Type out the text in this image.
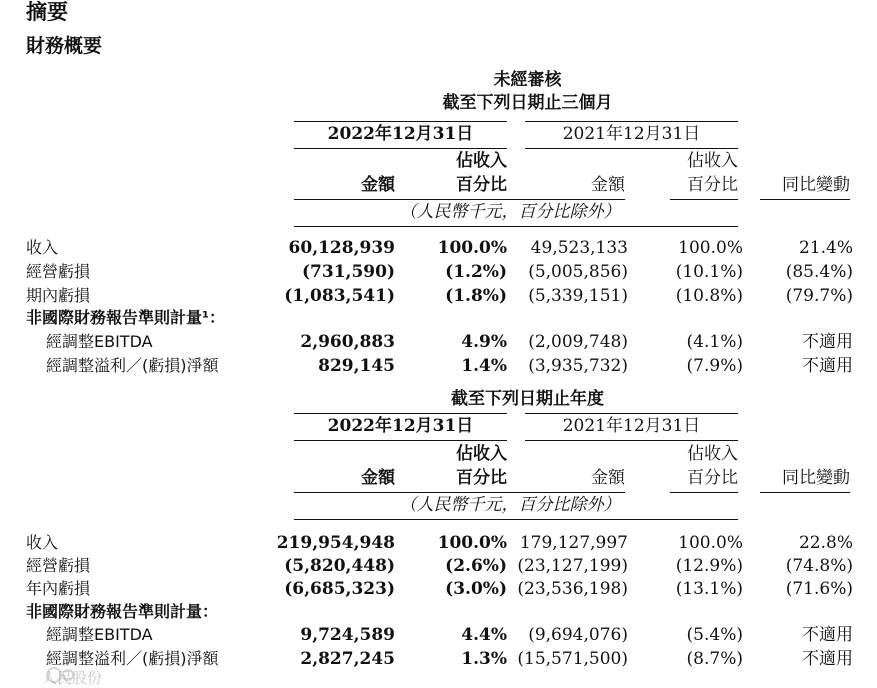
摘要
財務概要
未經審核
截至下列日期止三個月
2022年12月31日	2021年12月31日
佔收入	佔收入
金額	百分比	金額	百分比	同比變動
（人民幣千元，百分比除外）
收入	60,128,939	100.0%	49,523,133	100.0%	21.4%
經營虧損	(731,590)	(1.2%)	(5,005,856)	(10.1%)	(85.4%)
期內虧損	(1,083,541)	(1.8%)	(5,339,151)	(10.8%)	(79.7%)
非國際財務報告準則計量¹：
經調整EBITDA	2,960,883	4.9%	(2,009,748)	(4.1%)	不適用
經調整溢利／(虧損)淨額	829,145	1.4%	(3,935,732)	(7.9%)	不適用
截至下列日期止年度
2022年12月31日	2021年12月31日
佔收入	佔收入
金額	百分比	金額	百分比	同比變動
（人民幣千元，百分比除外）
收入	219,954,948	100.0% 179,127,997	100.0%	22.8%
經營虧損	(5,820,448)	(2.6%) (23,127,199)	(12.9%)	(74.8%)
年內虧損	(6,685,323)	(3.0%) (23,536,198)	(13.1%)	(71.6%)
非國際財務報告準則計量：
經調整EBITDA	9,724,589	4.4%	(9,694,076)	(5.4%)	不適用
經調整溢利／(虧損)淨額	2,827,245	1.3% (15,571,500)	(8.7%)	不適用
人民股份
